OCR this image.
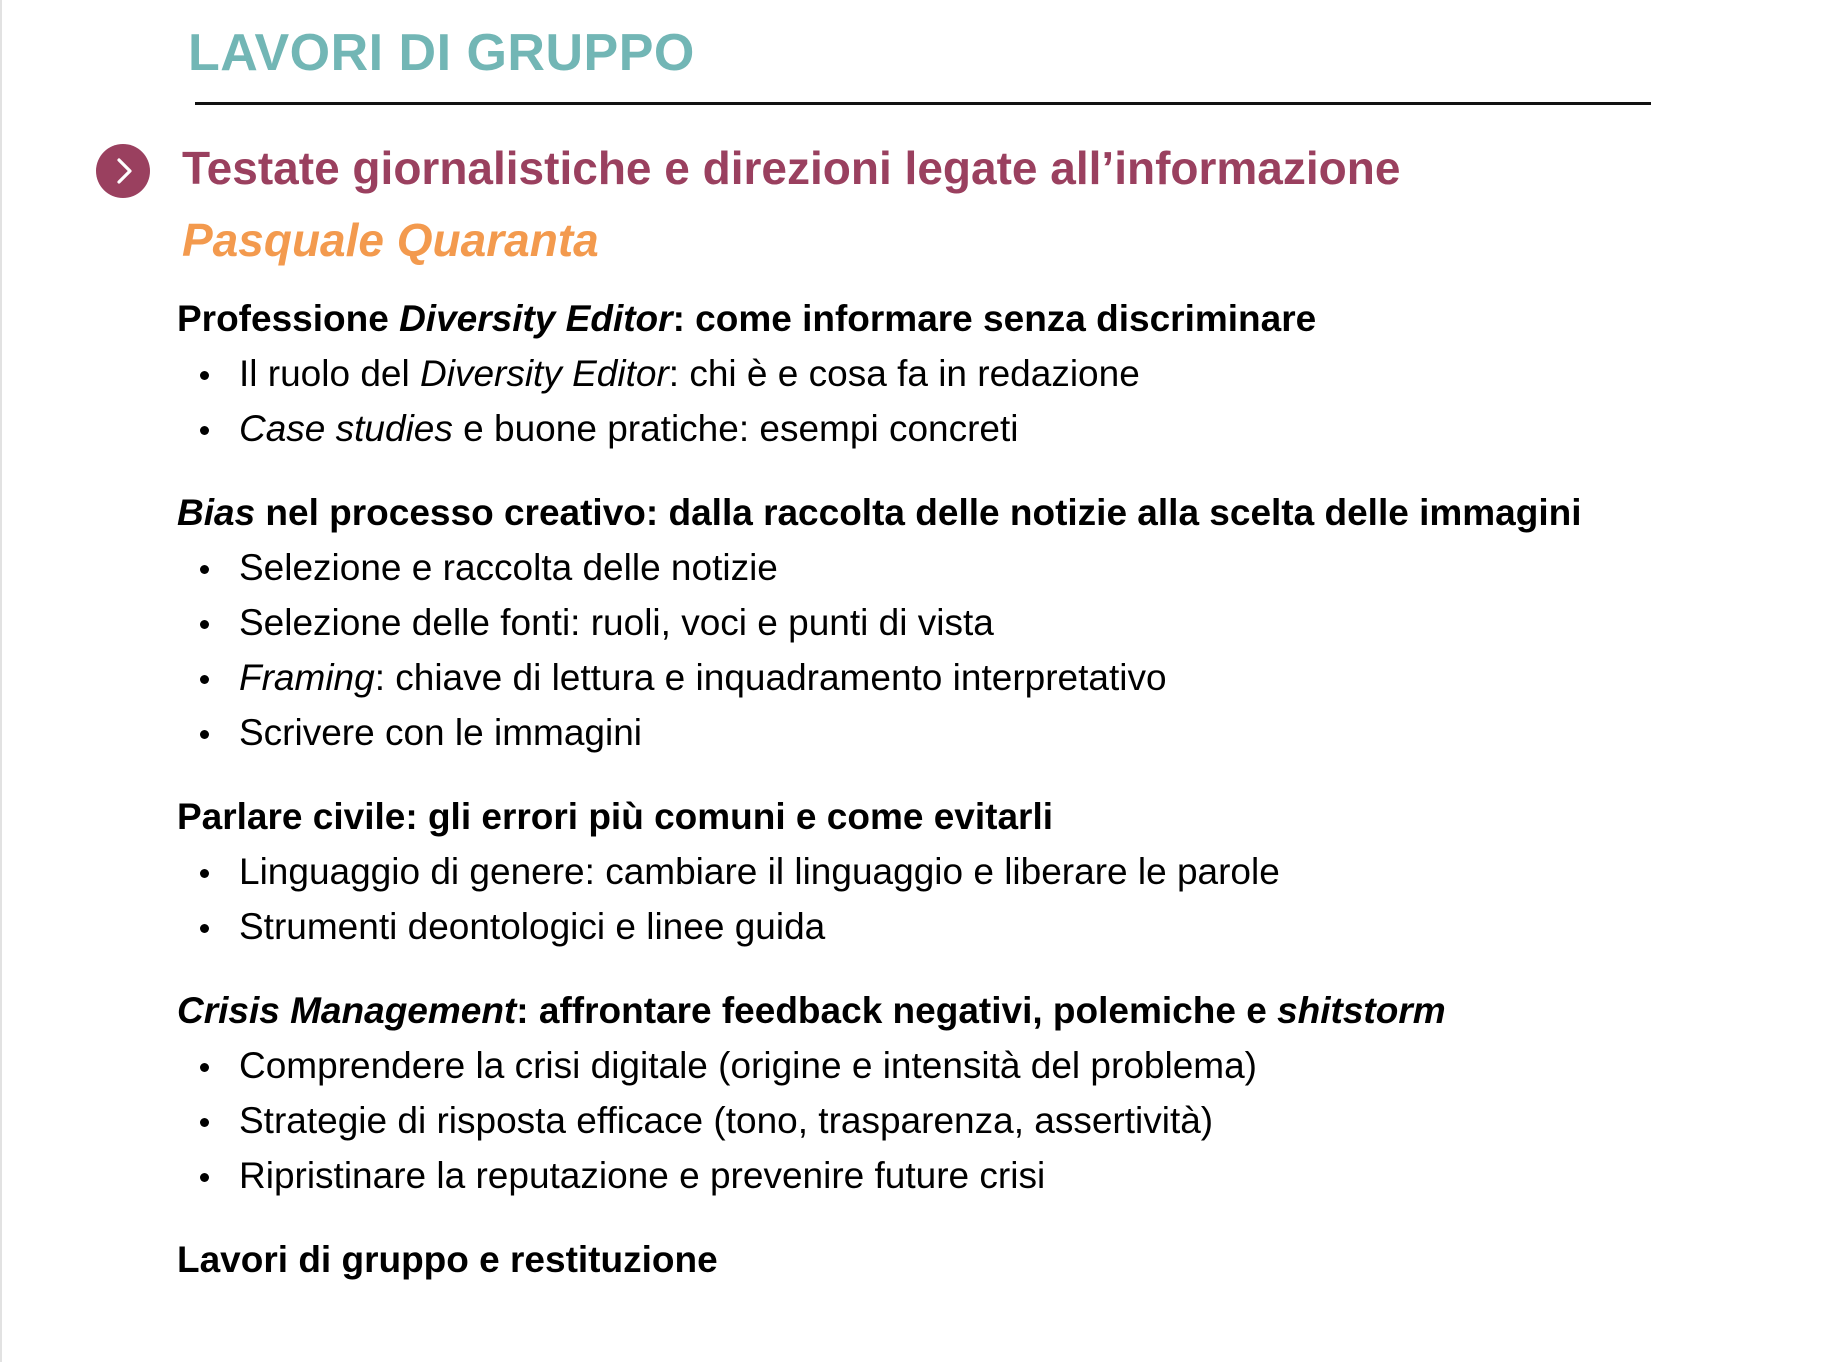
LAVORI DI GRUPPO
Testate giornalistiche e direzioni legate all’informazione
Pasquale Quaranta

Professione Diversity Editor: come informare senza discriminare

Il ruolo del Diversity Editor: chi è e cosa fa in redazione
Case studies e buone pratiche: esempi concreti

Bias nel processo creativo: dalla raccolta delle notizie alla scelta delle immagini

Selezione e raccolta delle notizie
Selezione delle fonti: ruoli, voci e punti di vista
Framing: chiave di lettura e inquadramento interpretativo
Scrivere con le immagini

Parlare civile: gli errori più comuni e come evitarli

Linguaggio di genere: cambiare il linguaggio e liberare le parole
Strumenti deontologici e linee guida

Crisis Management: affrontare feedback negativi, polemiche e shitstorm

Comprendere la crisi digitale (origine e intensità del problema)
Strategie di risposta efficace (tono, trasparenza, assertività)
Ripristinare la reputazione e prevenire future crisi

Lavori di gruppo e restituzione
